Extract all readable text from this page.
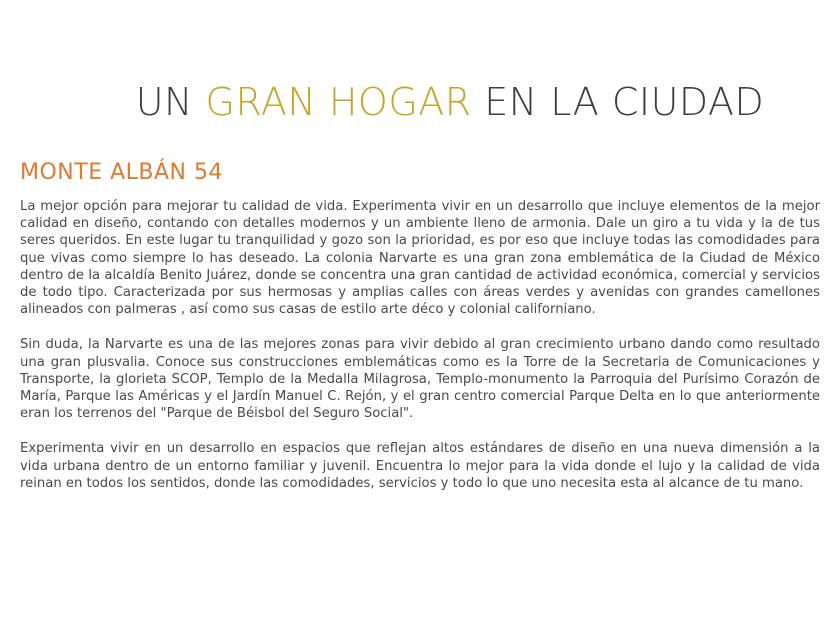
UN GRAN HOGAR EN LA CIUDAD
MONTE ALBÁN 54

La mejor opción para mejorar tu calidad de vida. Experimenta vivir en un desarrollo que incluye elementos de la mejor calidad en diseño, contando con detalles modernos y un ambiente lleno de armonia. Dale un giro a tu vida y la de tus seres queridos. En este lugar tu tranquilidad y gozo son la prioridad, es por eso que incluye todas las comodidades para que vivas como siempre lo has deseado. La colonia Narvarte es una gran zona emblemática de la Ciudad de México dentro de la alcaldía Benito Juárez, donde se concentra una gran cantidad de actividad económica, comercial y servicios de todo tipo. Caracterizada por sus hermosas y amplias calles con áreas verdes y avenidas con grandes camellones alineados con palmeras , así como sus casas de estilo arte déco y colonial californiano.

Sin duda, la Narvarte es una de las mejores zonas para vivir debido al gran crecimiento urbano dando como resultado una gran plusvalia. Conoce sus construcciones emblemáticas como es la Torre de la Secretaria de Comunicaciones y Transporte, la glorieta SCOP, Templo de la Medalla Milagrosa, Templo-monumento la Parroquia del Purísimo Corazón de María, Parque las Américas y el Jardín Manuel C. Rejón, y el gran centro comercial Parque Delta en lo que anteriormente eran los terrenos del "Parque de Béisbol del Seguro Social".

Experimenta vivir en un desarrollo en espacios que reflejan altos estándares de diseño en una nueva dimensión a la vida urbana dentro de un entorno familiar y juvenil. Encuentra lo mejor para la vida donde el lujo y la calidad de vida reinan en todos los sentidos, donde las comodidades, servicios y todo lo que uno necesita esta al alcance de tu mano.
